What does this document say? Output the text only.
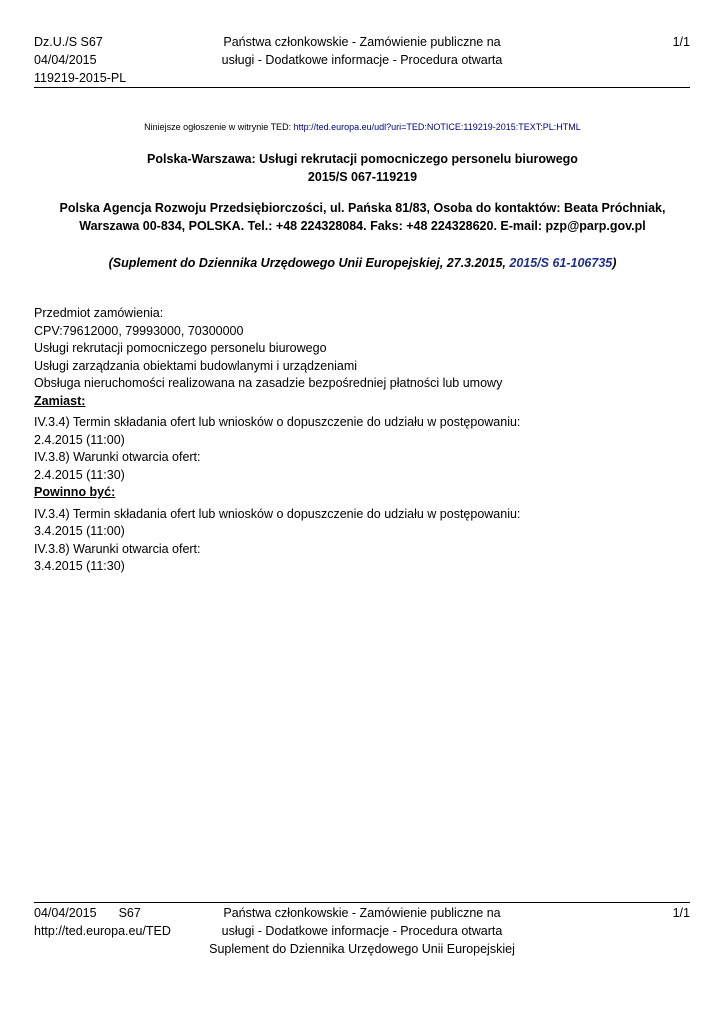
Dz.U./S S67
04/04/2015
119219-2015-PL
Państwa członkowskie - Zamówienie publiczne na
usługi - Dodatkowe informacje - Procedura otwarta
1/1
Niniejsze ogłoszenie w witrynie TED: http://ted.europa.eu/udl?uri=TED:NOTICE:119219-2015:TEXT:PL:HTML
Polska-Warszawa: Usługi rekrutacji pomocniczego personelu biurowego
2015/S 067-119219
Polska Agencja Rozwoju Przedsiębiorczości, ul. Pańska 81/83, Osoba do kontaktów: Beata Próchniak,
Warszawa 00-834, POLSKA. Tel.: +48 224328084. Faks: +48 224328620. E-mail: pzp@parp.gov.pl
(Suplement do Dziennika Urzędowego Unii Europejskiej, 27.3.2015, 2015/S 61-106735)
Przedmiot zamówienia:
CPV:79612000, 79993000, 70300000
Usługi rekrutacji pomocniczego personelu biurowego
Usługi zarządzania obiektami budowlanymi i urządzeniami
Obsługa nieruchomości realizowana na zasadzie bezpośredniej płatności lub umowy
Zamiast:
IV.3.4) Termin składania ofert lub wniosków o dopuszczenie do udziału w postępowaniu:
2.4.2015 (11:00)
IV.3.8) Warunki otwarcia ofert:
2.4.2015 (11:30)
Powinno być:
IV.3.4) Termin składania ofert lub wniosków o dopuszczenie do udziału w postępowaniu:
3.4.2015 (11:00)
IV.3.8) Warunki otwarcia ofert:
3.4.2015 (11:30)
04/04/2015 S67
http://ted.europa.eu/TED
Państwa członkowskie - Zamówienie publiczne na
usługi - Dodatkowe informacje - Procedura otwarta
Suplement do Dziennika Urzędowego Unii Europejskiej
1/1
